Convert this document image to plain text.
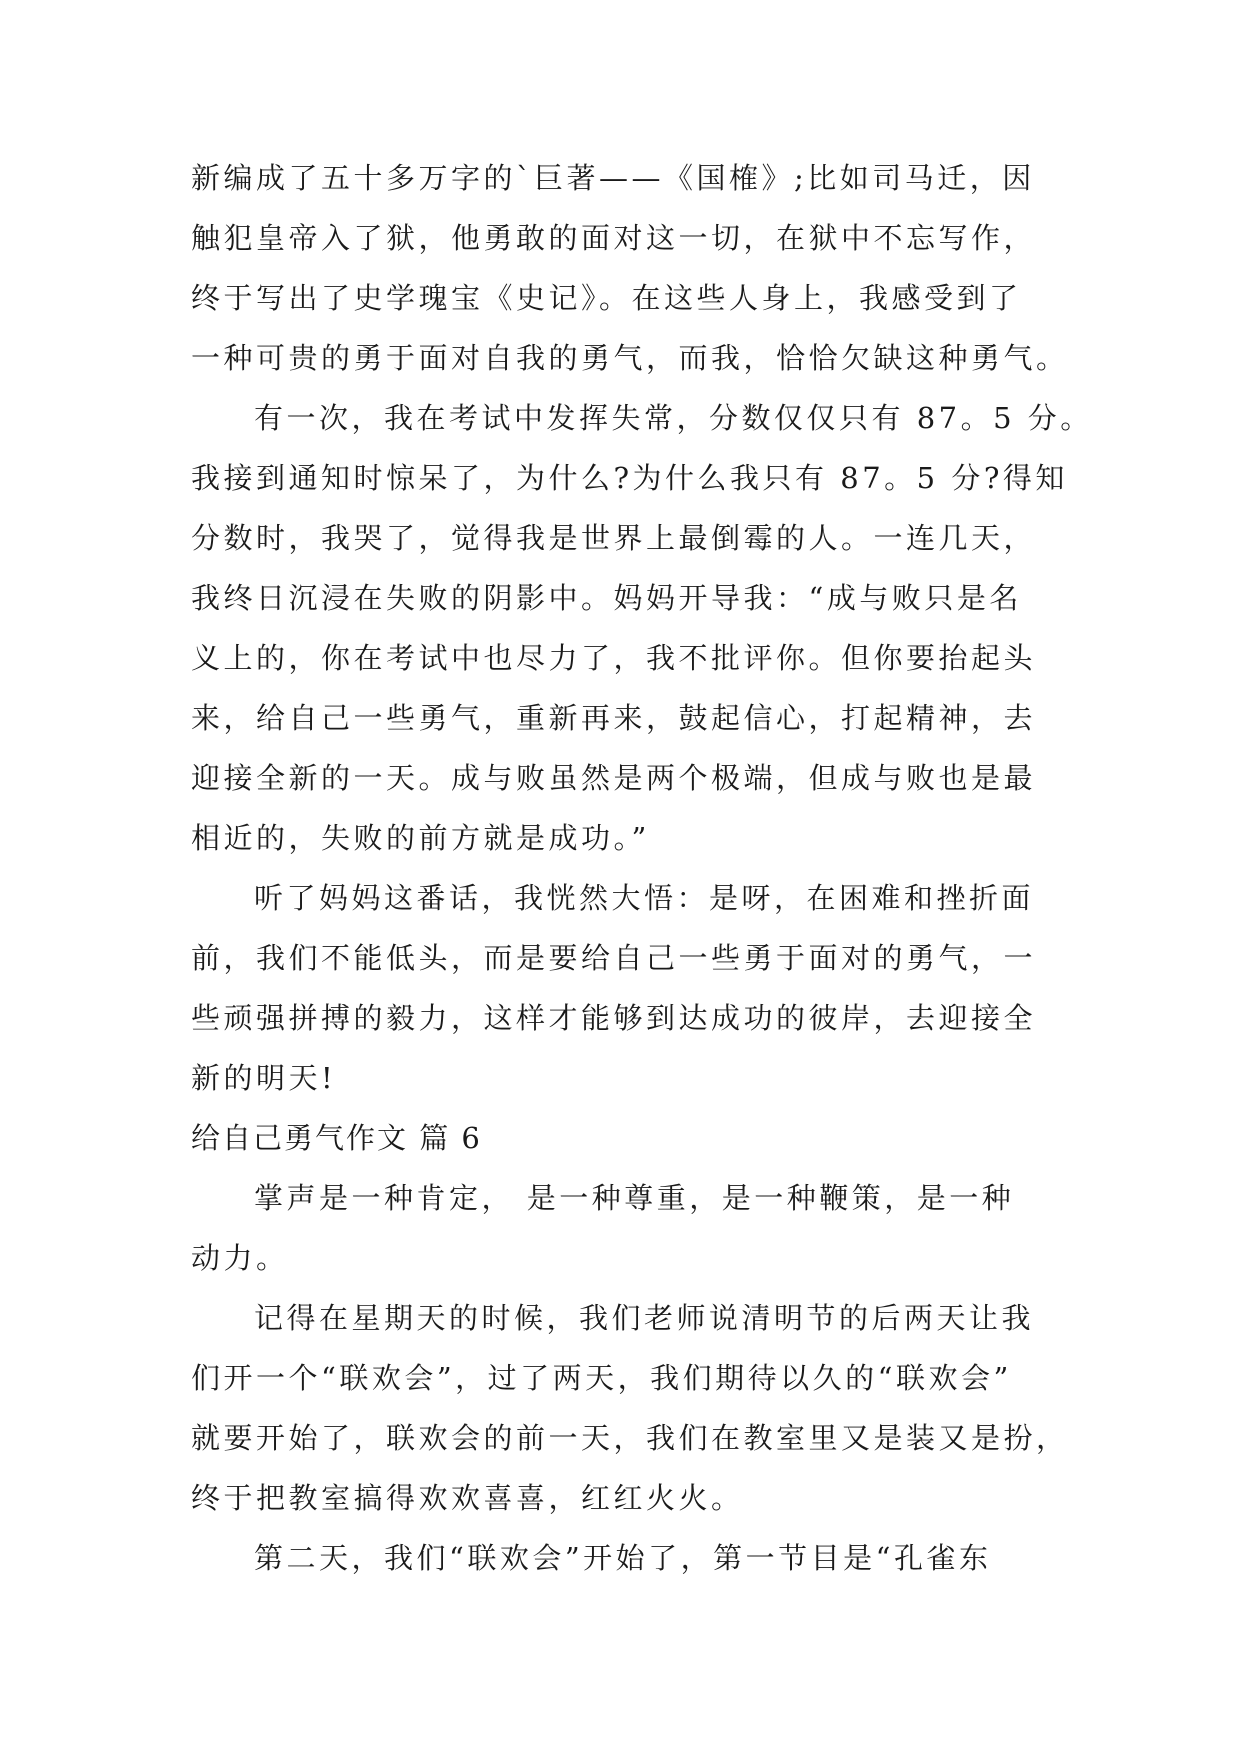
新编成了五十多万字的`巨著——《国榷》;比如司马迁，因
触犯皇帝入了狱，他勇敢的面对这一切，在狱中不忘写作，
终于写出了史学瑰宝《史记》。在这些人身上，我感受到了
一种可贵的勇于面对自我的勇气，而我，恰恰欠缺这种勇气。
有一次，我在考试中发挥失常，分数仅仅只有 87。5 分。
我接到通知时惊呆了，为什么?为什么我只有 87。5 分?得知
分数时，我哭了，觉得我是世界上最倒霉的人。一连几天，
我终日沉浸在失败的阴影中。妈妈开导我：“成与败只是名
义上的，你在考试中也尽力了，我不批评你。但你要抬起头
来，给自己一些勇气，重新再来，鼓起信心，打起精神，去
迎接全新的一天。成与败虽然是两个极端，但成与败也是最
相近的，失败的前方就是成功。”
听了妈妈这番话，我恍然大悟：是呀，在困难和挫折面
前，我们不能低头，而是要给自己一些勇于面对的勇气，一
些顽强拼搏的毅力，这样才能够到达成功的彼岸，去迎接全
新的明天!
给自己勇气作文 篇 6
掌声是一种肯定， 是一种尊重，是一种鞭策，是一种
动力。
记得在星期天的时候，我们老师说清明节的后两天让我
们开一个“联欢会”，过了两天，我们期待以久的“联欢会”
就要开始了，联欢会的前一天，我们在教室里又是装又是扮，
终于把教室搞得欢欢喜喜，红红火火。
第二天，我们“联欢会”开始了，第一节目是“孔雀东
